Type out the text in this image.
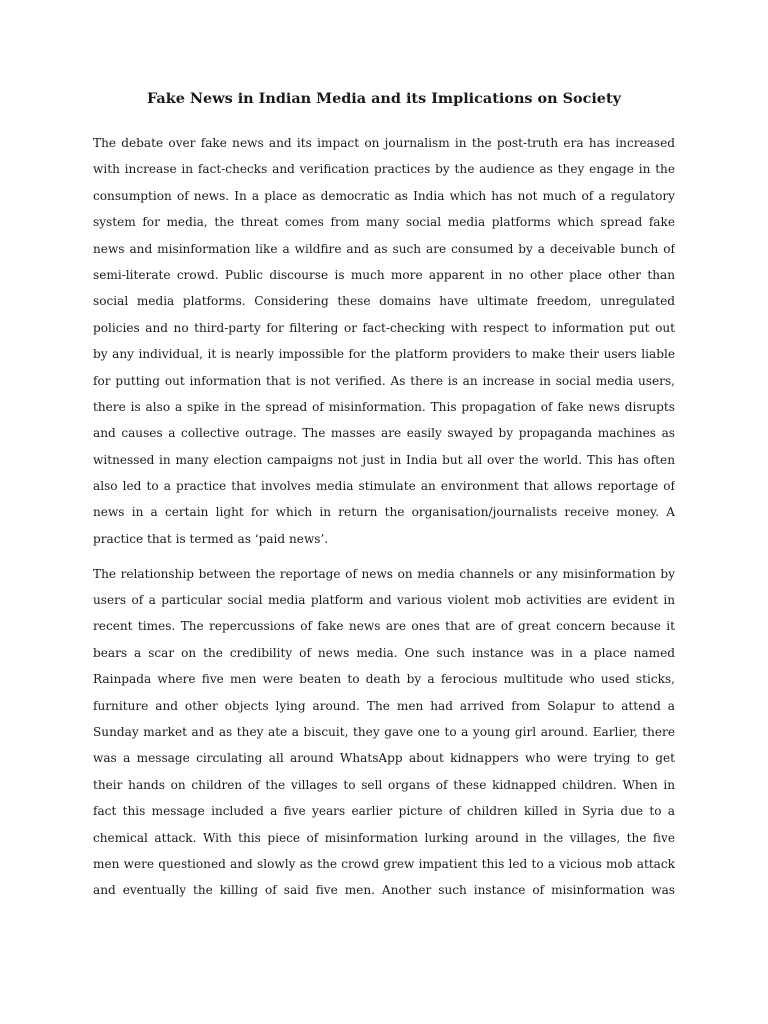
Fake News in Indian Media and its Implications on Society

The debate over fake news and its impact on journalism in the post-truth era has increased
with increase in fact-checks and verification practices by the audience as they engage in the
consumption of news. In a place as democratic as India which has not much of a regulatory
system for media, the threat comes from many social media platforms which spread fake
news and misinformation like a wildfire and as such are consumed by a deceivable bunch of
semi-literate crowd. Public discourse is much more apparent in no other place other than
social media platforms. Considering these domains have ultimate freedom, unregulated
policies and no third-party for filtering or fact-checking with respect to information put out
by any individual, it is nearly impossible for the platform providers to make their users liable
for putting out information that is not verified. As there is an increase in social media users,
there is also a spike in the spread of misinformation. This propagation of fake news disrupts
and causes a collective outrage. The masses are easily swayed by propaganda machines as
witnessed in many election campaigns not just in India but all over the world. This has often
also led to a practice that involves media stimulate an environment that allows reportage of
news in a certain light for which in return the organisation/journalists receive money. A
practice that is termed as ‘paid news’.

The relationship between the reportage of news on media channels or any misinformation by
users of a particular social media platform and various violent mob activities are evident in
recent times. The repercussions of fake news are ones that are of great concern because it
bears a scar on the credibility of news media. One such instance was in a place named
Rainpada where five men were beaten to death by a ferocious multitude who used sticks,
furniture and other objects lying around. The men had arrived from Solapur to attend a
Sunday market and as they ate a biscuit, they gave one to a young girl around. Earlier, there
was a message circulating all around WhatsApp about kidnappers who were trying to get
their hands on children of the villages to sell organs of these kidnapped children. When in
fact this message included a five years earlier picture of children killed in Syria due to a
chemical attack. With this piece of misinformation lurking around in the villages, the five
men were questioned and slowly as the crowd grew impatient this led to a vicious mob attack
and eventually the killing of said five men. Another such instance of misinformation was
